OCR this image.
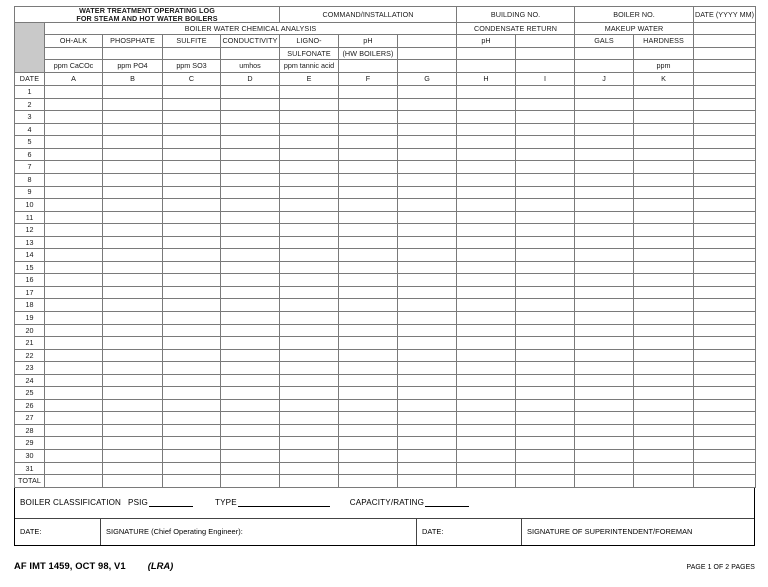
WATER TREATMENT OPERATING LOG
FOR STEAM AND HOT WATER BOILERS					COMMAND/INSTALLATION			BUILDING NO.		BOILER NO.		DATE (YYYY MM)
	BOILER WATER CHEMICAL ANALYSIS							CONDENSATE RETURN		MAKEUP WATER		
	OH-ALK	PHOSPHATE	SULFITE	CONDUCTIVITY	LIGNO-	pH		pH		GALS	HARDNESS	
					SULFONATE	(HW BOILERS)						
	ppm CaCOc	ppm PO4	ppm SO3	umhos	ppm tannic acid						ppm	
DATE	A	B	C	D	E	F	G	H	I	J	K	
1												
2												
3												
4												
5												
6												
7												
8												
9												
10												
11												
12												
13												
14												
15												
16												
17												
18												
19												
20												
21												
22												
23												
24												
25												
26												
27												
28												
29												
30												
31												
TOTAL												
BOILER CLASSIFICATION PSIG	TYPE	CAPACITY/RATING
DATE:	SIGNATURE (Chief Operating Engineer):	DATE:	SIGNATURE OF SUPERINTENDENT/FOREMAN
AF IMT 1459, OCT 98, V1 (LRA)	PAGE 1 OF 2 PAGES
